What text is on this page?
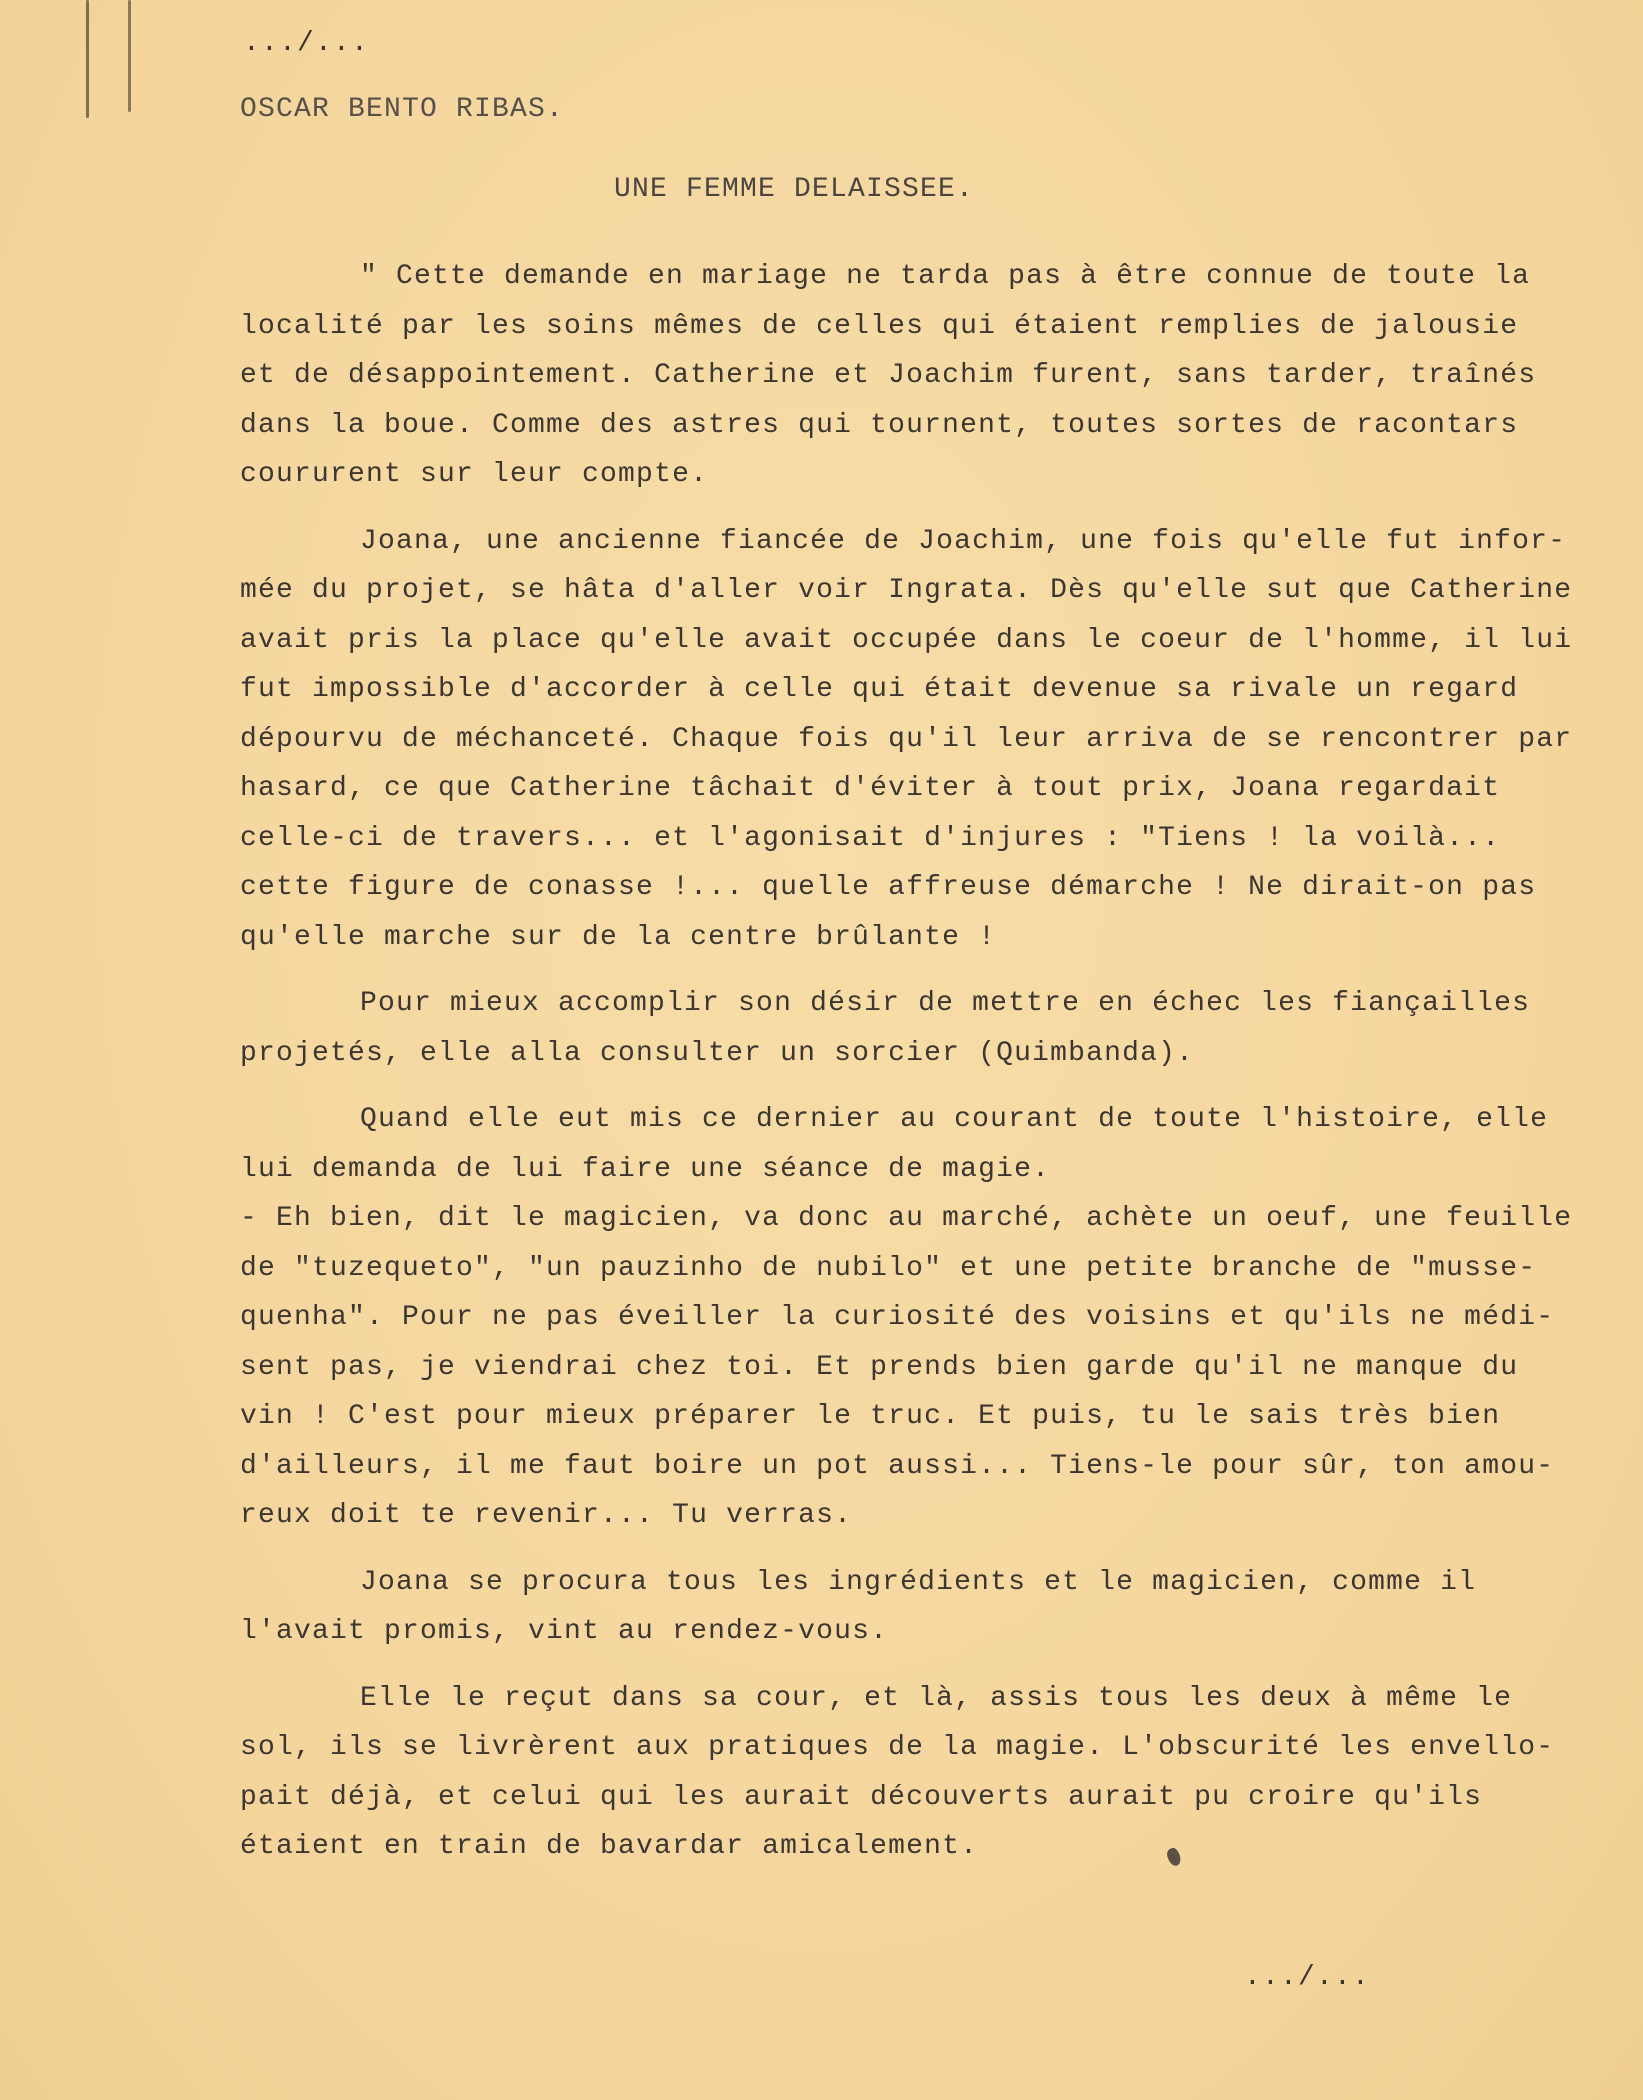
.../...
OSCAR BENTO RIBAS.
UNE FEMME DELAISSEE.
" Cette demande en mariage ne tarda pas à être connue de toute la
localité par les soins mêmes de celles qui étaient remplies de jalousie
et de désappointement. Catherine et Joachim furent, sans tarder, traînés
dans la boue. Comme des astres qui tournent, toutes sortes de racontars
coururent sur leur compte.
Joana, une ancienne fiancée de Joachim, une fois qu'elle fut infor-
mée du projet, se hâta d'aller voir Ingrata. Dès qu'elle sut que Catherine
avait pris la place qu'elle avait occupée dans le coeur de l'homme, il lui
fut impossible d'accorder à celle qui était devenue sa rivale un regard
dépourvu de méchanceté. Chaque fois qu'il leur arriva de se rencontrer par
hasard, ce que Catherine tâchait d'éviter à tout prix, Joana regardait
celle-ci de travers... et l'agonisait d'injures : "Tiens ! la voilà...
cette figure de conasse !... quelle affreuse démarche ! Ne dirait-on pas
qu'elle marche sur de la centre brûlante !
Pour mieux accomplir son désir de mettre en échec les fiançailles
projetés, elle alla consulter un sorcier (Quimbanda).
Quand elle eut mis ce dernier au courant de toute l'histoire, elle
lui demanda de lui faire une séance de magie.
- Eh bien, dit le magicien, va donc au marché, achète un oeuf, une feuille
de "tuzequeto", "un pauzinho de nubilo" et une petite branche de "musse-
quenha". Pour ne pas éveiller la curiosité des voisins et qu'ils ne médi-
sent pas, je viendrai chez toi. Et prends bien garde qu'il ne manque du
vin ! C'est pour mieux préparer le truc. Et puis, tu le sais très bien
d'ailleurs, il me faut boire un pot aussi... Tiens-le pour sûr, ton amou-
reux doit te revenir... Tu verras.
Joana se procura tous les ingrédients et le magicien, comme il
l'avait promis, vint au rendez-vous.
Elle le reçut dans sa cour, et là, assis tous les deux à même le
sol, ils se livrèrent aux pratiques de la magie. L'obscurité les envello-
pait déjà, et celui qui les aurait découverts aurait pu croire qu'ils
étaient en train de bavardar amicalement.
.../...
